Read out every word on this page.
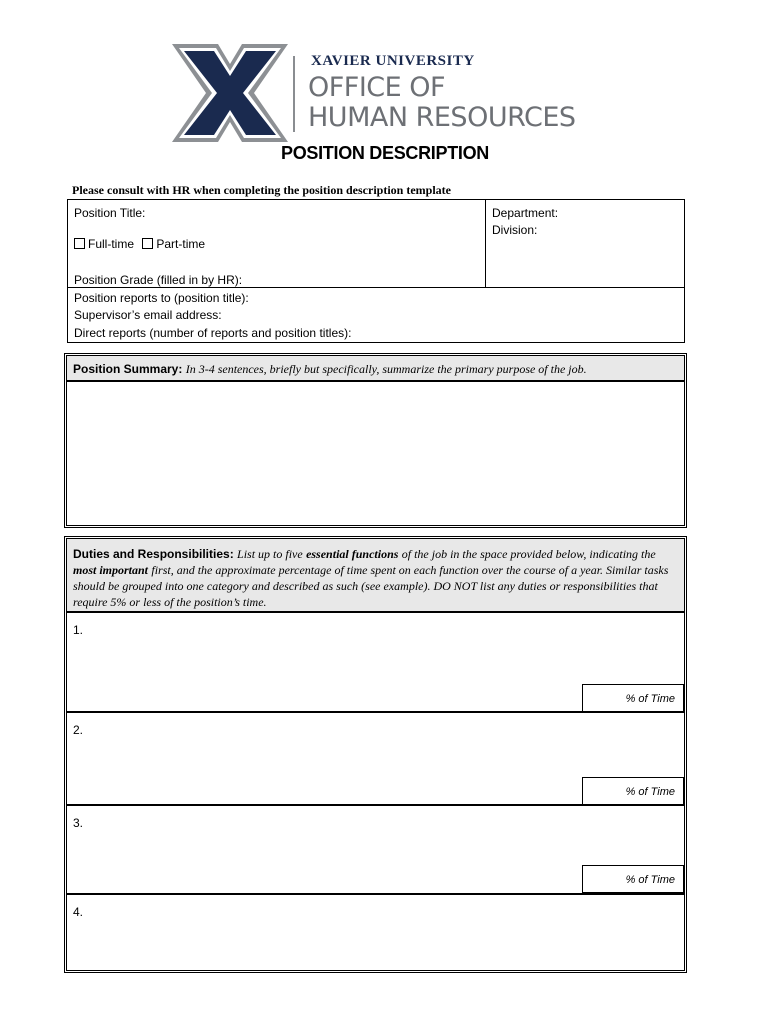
XAVIER UNIVERSITY
OFFICE OF
HUMAN RESOURCES
POSITION DESCRIPTION
Please consult with HR when completing the position description template
Position Title:
Full-time Part-time
Position Grade (filled in by HR):
Department:
Division:
Position reports to (position title):
Supervisor’s email address:
Direct reports (number of reports and position titles):
Position Summary: In 3-4 sentences, briefly but specifically, summarize the primary purpose of the job.
Duties and Responsibilities: List up to five essential functions of the job in the space provided below, indicating the most important first, and the approximate percentage of time spent on each function over the course of a year. Similar tasks should be grouped into one category and described as such (see example). DO NOT list any duties or responsibilities that require 5% or less of the position’s time.
1.
% of Time
2.
% of Time
3.
% of Time
4.
